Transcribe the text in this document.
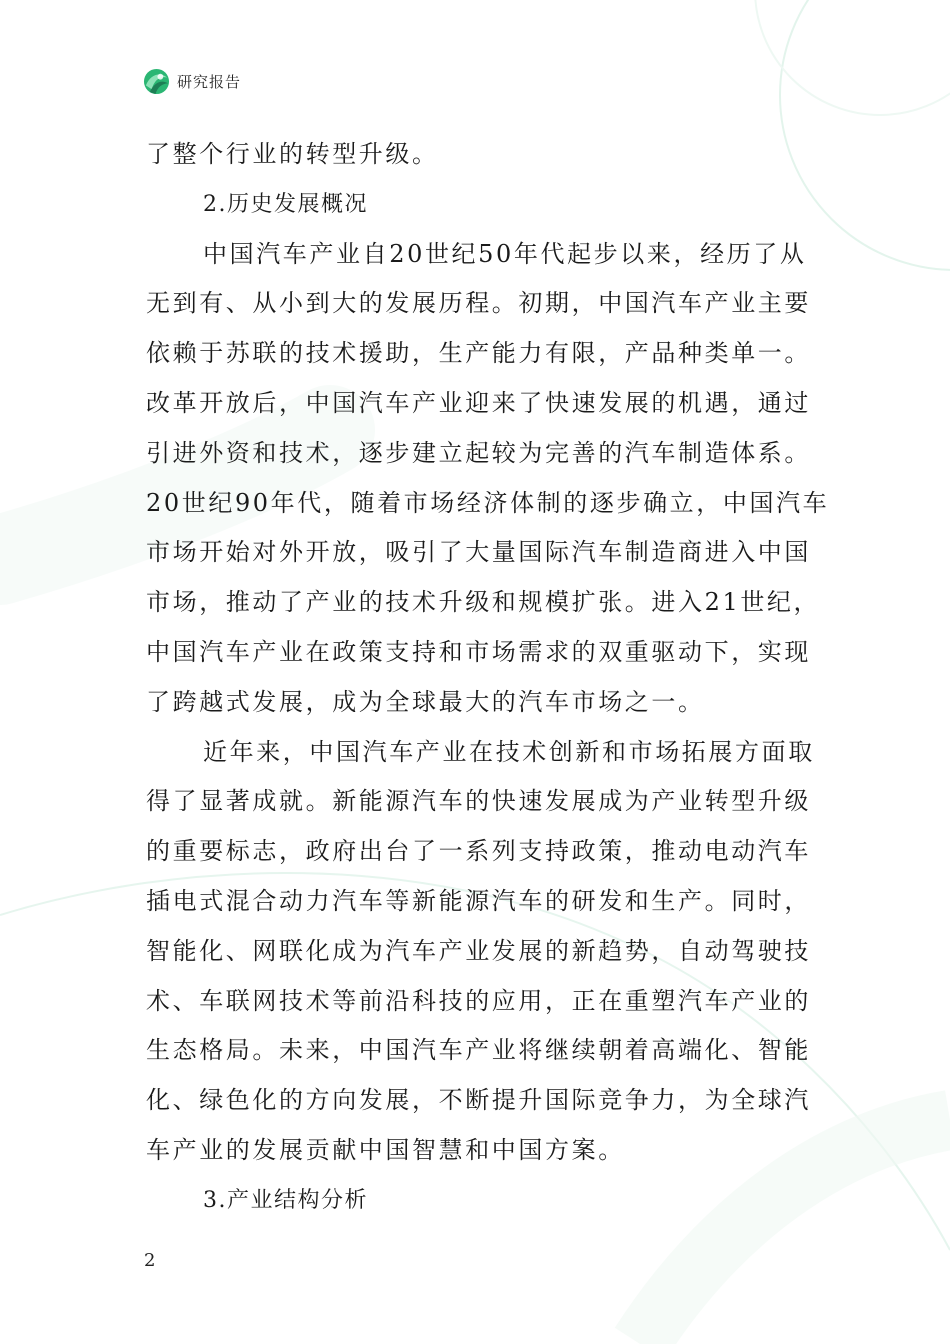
研究报告
了整个行业的转型升级。
2.历史发展概况
中国汽车产业自20世纪50年代起步以来，经历了从
无到有、从小到大的发展历程。初期，中国汽车产业主要
依赖于苏联的技术援助，生产能力有限，产品种类单一。
改革开放后，中国汽车产业迎来了快速发展的机遇，通过
引进外资和技术，逐步建立起较为完善的汽车制造体系。
20世纪90年代，随着市场经济体制的逐步确立，中国汽车
市场开始对外开放，吸引了大量国际汽车制造商进入中国
市场，推动了产业的技术升级和规模扩张。进入21世纪，
中国汽车产业在政策支持和市场需求的双重驱动下，实现
了跨越式发展，成为全球最大的汽车市场之一。
近年来，中国汽车产业在技术创新和市场拓展方面取
得了显著成就。新能源汽车的快速发展成为产业转型升级
的重要标志，政府出台了一系列支持政策，推动电动汽车
插电式混合动力汽车等新能源汽车的研发和生产。同时，
智能化、网联化成为汽车产业发展的新趋势，自动驾驶技
术、车联网技术等前沿科技的应用，正在重塑汽车产业的
生态格局。未来，中国汽车产业将继续朝着高端化、智能
化、绿色化的方向发展，不断提升国际竞争力，为全球汽
车产业的发展贡献中国智慧和中国方案。
3.产业结构分析
2
